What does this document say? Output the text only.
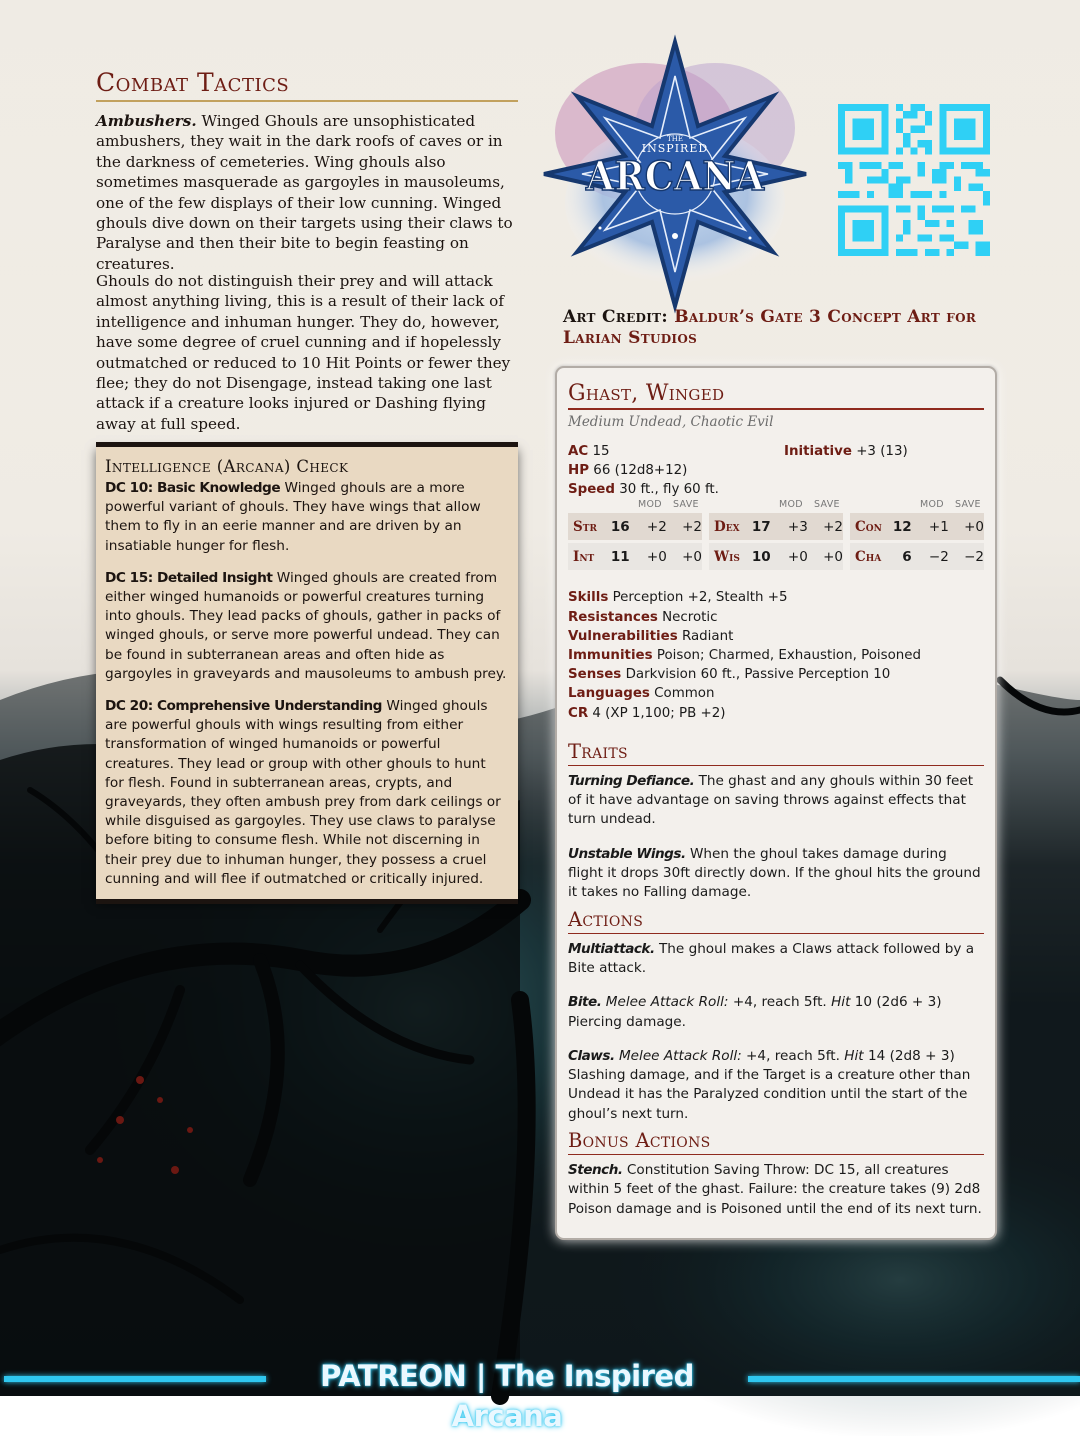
Combat Tactics

Ambushers. Winged Ghouls are unsophisticated ambushers, they wait in the dark roofs of caves or in the darkness of cemeteries. Wing ghouls also sometimes masquerade as gargoyles in mausoleums, one of the few displays of their low cunning. Winged ghouls dive down on their targets using their claws to Paralyse and then their bite to begin feasting on creatures.

Ghouls do not distinguish their prey and will attack almost anything living, this is a result of their lack of intelligence and inhuman hunger. They do, however, have some degree of cruel cunning and if hopelessly outmatched or reduced to 10 Hit Points or fewer they flee; they do not Disengage, instead taking one last attack if a creature looks injured or Dashing flying away at full speed.

Intelligence (Arcana) Check

DC 10: Basic Knowledge Winged ghouls are a more powerful variant of ghouls. They have wings that allow them to fly in an eerie manner and are driven by an insatiable hunger for flesh.

DC 15: Detailed Insight Winged ghouls are created from either winged humanoids or powerful creatures turning into ghouls. They lead packs of ghouls, gather in packs of winged ghouls, or serve more powerful undead. They can be found in subterranean areas and often hide as gargoyles in graveyards and mausoleums to ambush prey.

DC 20: Comprehensive Understanding Winged ghouls are powerful ghouls with wings resulting from either transformation of winged humanoids or powerful creatures. They lead or group with other ghouls to hunt for flesh. Found in subterranean areas, crypts, and graveyards, they often ambush prey from dark ceilings or while disguised as gargoyles. They use claws to paralyse before biting to consume flesh. While not discerning in their prey due to inhuman hunger, they possess a cruel cunning and will flee if outmatched or critically injured.

THE
INSPIRED
ARCANA

Art Credit: Baldur’s Gate 3 Concept Art for Larian Studios

Ghast, Winged
Medium Undead, Chaotic Evil
AC 15	Initiative +3 (13)
HP 66 (12d8+12)
Speed 30 ft., fly 60 ft.
MOD SAVE	MOD SAVE	MOD SAVE
Str	16	+2	+2 Dex 17	+3	+2 Con 12	+1	+0
Int	11	+0	+0 Wis 10	+0	+0 Cha	6	−2	−2
Skills Perception +2, Stealth +5
Resistances Necrotic
Vulnerabilities Radiant
Immunities Poison; Charmed, Exhaustion, Poisoned
Senses Darkvision 60 ft., Passive Perception 10
Languages Common
CR 4 (XP 1,100; PB +2)
Traits

Turning Defiance. The ghast and any ghouls within 30 feet of it have advantage on saving throws against effects that turn undead.

Unstable Wings. When the ghoul takes damage during flight it drops 30ft directly down. If the ghoul hits the ground it takes no Falling damage.

Actions

Multiattack. The ghoul makes a Claws attack followed by a Bite attack.

Bite. Melee Attack Roll: +4, reach 5ft. Hit 10 (2d6 + 3) Piercing damage.

Claws. Melee Attack Roll: +4, reach 5ft. Hit 14 (2d8 + 3) Slashing damage, and if the Target is a creature other than Undead it has the Paralyzed condition until the start of the ghoul’s next turn.

Bonus Actions

Stench. Constitution Saving Throw: DC 15, all creatures within 5 feet of the ghast. Failure: the creature takes (9) 2d8 Poison damage and is Poisoned until the end of its next turn.

PATREON | The Inspired Arcana
